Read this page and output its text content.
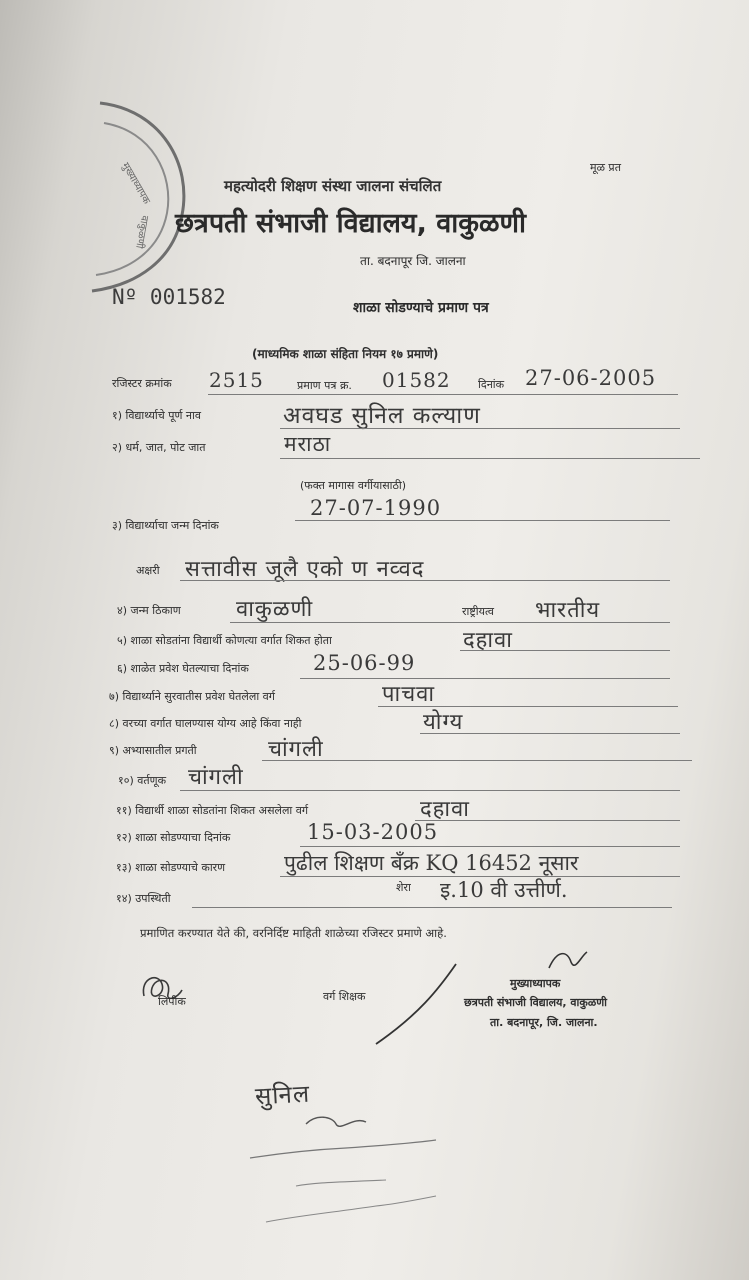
मुख्याध्यापक
वाकुळणी
मूळ प्रत
महत्योदरी शिक्षण संस्था जालना संचलित
छत्रपती संभाजी विद्यालय, वाकुळणी
ता. बदनापूर जि. जालना
Nº 001582	शाळा सोडण्याचे प्रमाण पत्र
(माध्यमिक शाळा संहिता नियम १७ प्रमाणे)
रजिस्टर क्रमांक 2515	प्रमाण पत्र क्र. 01582 दिनांक 27-06-2005
१) विद्यार्थ्याचे पूर्ण नाव	अवघड सुनिल कल्याण
२) धर्म, जात, पोट जात	मराठा
(फक्त मागास वर्गीयासाठी)
27-07-1990
३) विद्यार्थ्याचा जन्म दिनांक
अक्षरी सत्तावीस जूलै एको ण नव्वद
४) जन्म ठिकाण	वाकुळणी	राष्ट्रीयत्व भारतीय
५) शाळा सोडतांना विद्यार्थी कोणत्या वर्गात शिकत होता	दहावा
६) शाळेत प्रवेश घेतल्याचा दिनांक	25-06-99
७) विद्यार्थ्याने सुरवातीस प्रवेश घेतलेला वर्ग	पाचवा
८) वरच्या वर्गात घालण्यास योग्य आहे किंवा नाही	योग्य
९) अभ्यासातील प्रगती	चांगली
१०) वर्तणूक चांगली
११) विद्यार्थी शाळा सोडतांना शिकत असलेला वर्ग	दहावा
१२) शाळा सोडण्याचा दिनांक	15-03-2005
१३) शाळा सोडण्याचे कारण	पुढील शिक्षण बँक्र KQ 16452 नूसार
१४) उपस्थिती
शेरा इ.10 वी उत्तीर्ण.
प्रमाणित करण्यात येते की, वरनिर्दिष्ट माहिती शाळेच्या रजिस्टर प्रमाणे आहे.
लिपीक	वर्ग शिक्षक
मुख्याध्यापक
छत्रपती संभाजी विद्यालय, वाकुळणी
ता. बदनापूर, जि. जालना.
सुनिल
